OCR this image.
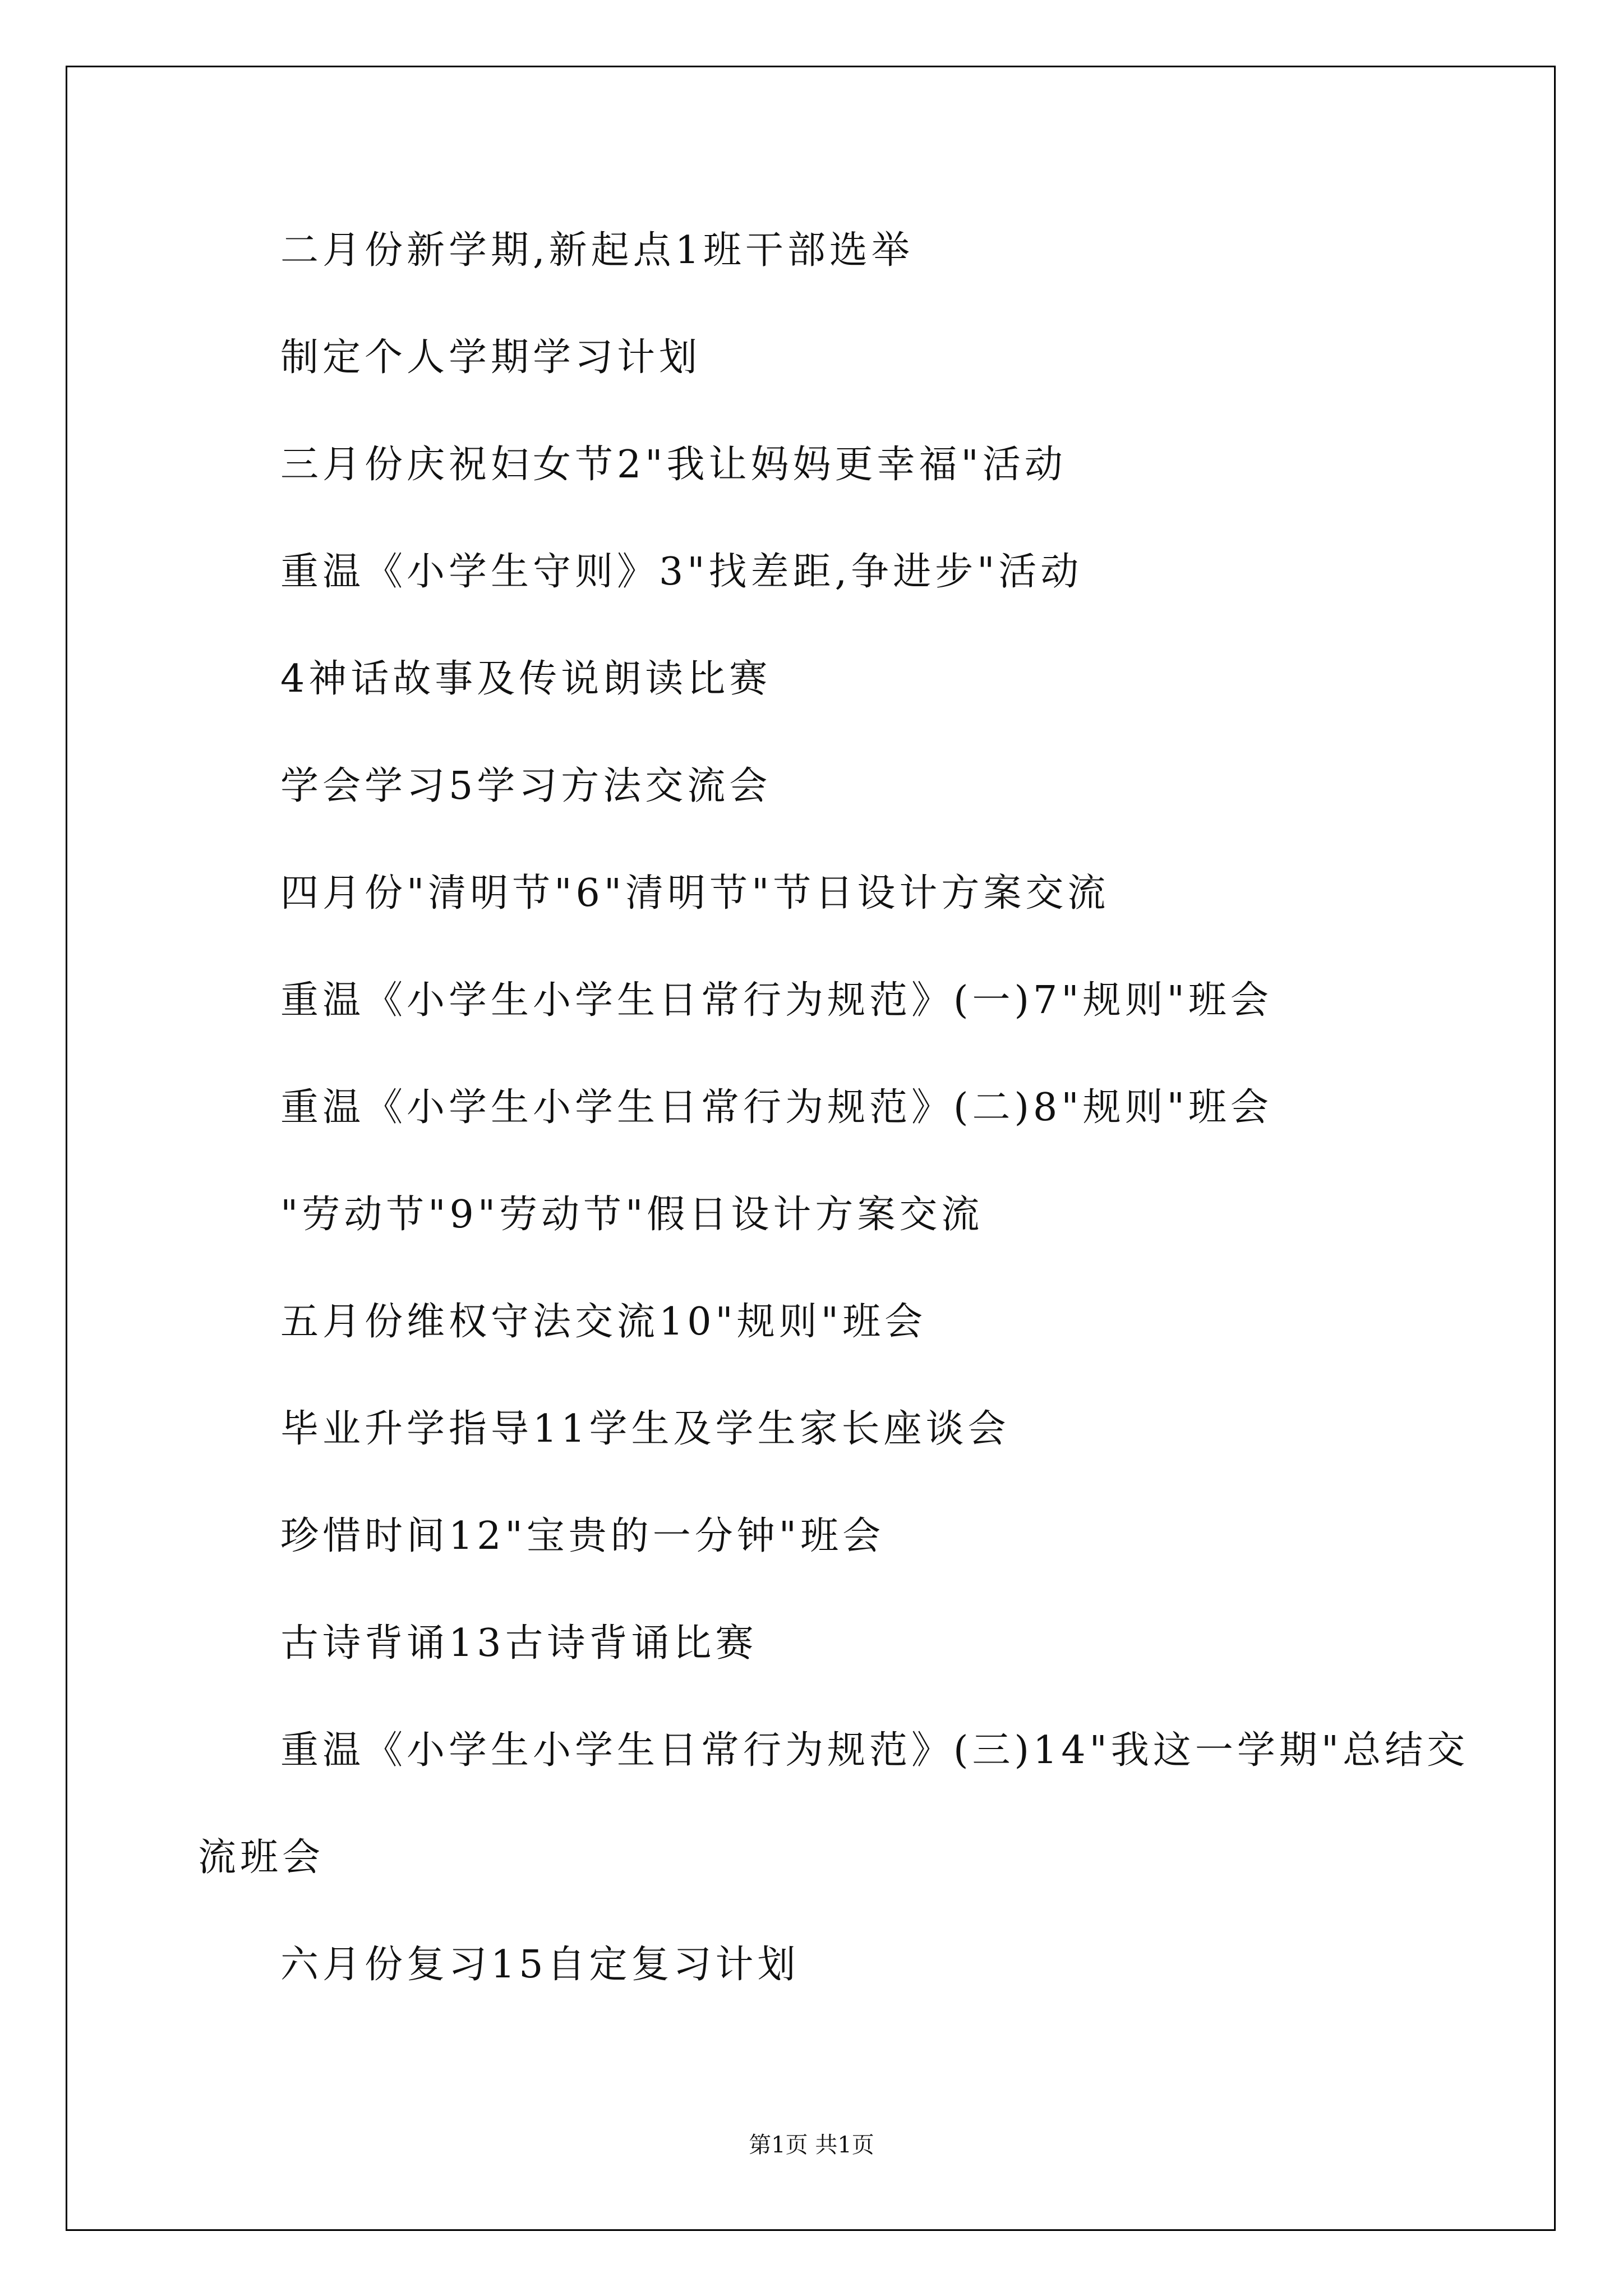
二月份新学期,新起点1班干部选举
制定个人学期学习计划
三月份庆祝妇女节2"我让妈妈更幸福"活动
重温《小学生守则》3"找差距,争进步"活动
4神话故事及传说朗读比赛
学会学习5学习方法交流会
四月份"清明节"6"清明节"节日设计方案交流
重温《小学生小学生日常行为规范》(一)7"规则"班会
重温《小学生小学生日常行为规范》(二)8"规则"班会
"劳动节"9"劳动节"假日设计方案交流
五月份维权守法交流10"规则"班会
毕业升学指导11学生及学生家长座谈会
珍惜时间12"宝贵的一分钟"班会
古诗背诵13古诗背诵比赛
重温《小学生小学生日常行为规范》(三)14"我这一学期"总结交
流班会
六月份复习15自定复习计划
第1页 共1页
